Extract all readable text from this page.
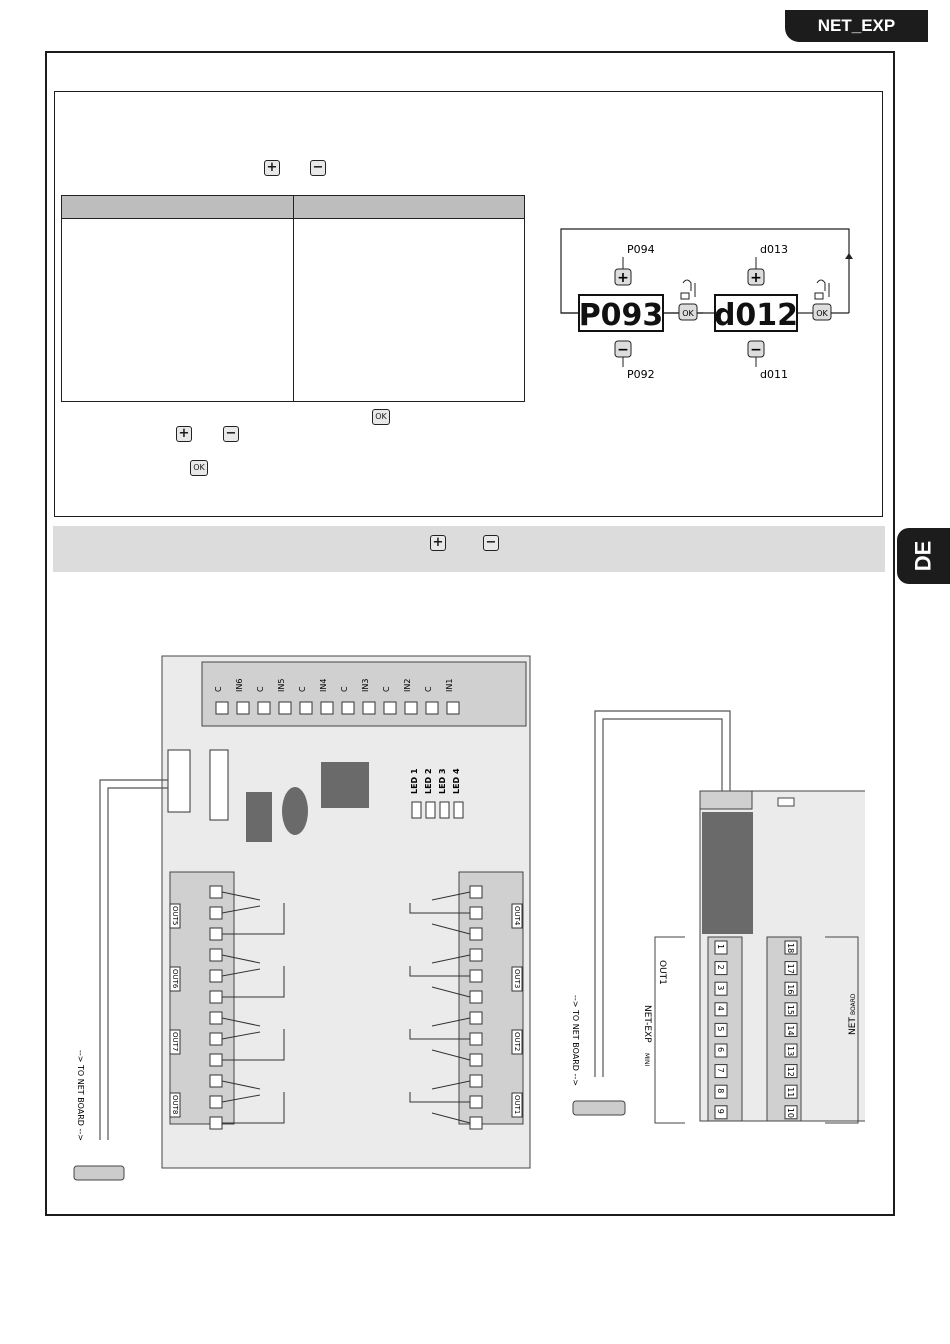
NET_EXP
DE
+	−
OK
+	−
OK
P093 d012
+
P094
−
P092
+
d013
−
d011
OK	OK
+	−
C IN6 C IN5 C IN4 C IN3 C IN2 C IN1
LED 1 LED 2 LED 3 LED 4
OUT5
OUT6
OUT7
OUT8
OUT4
OUT3
OUT2
OUT1
--> TO NET BOARD -->
1
2
3
4
5
6
7
8
9
18
17
16
15
14
13
12
11
10
--> TO NET BOARD -->
OUT1
NET-EXP
MINI
NET
BOARD
